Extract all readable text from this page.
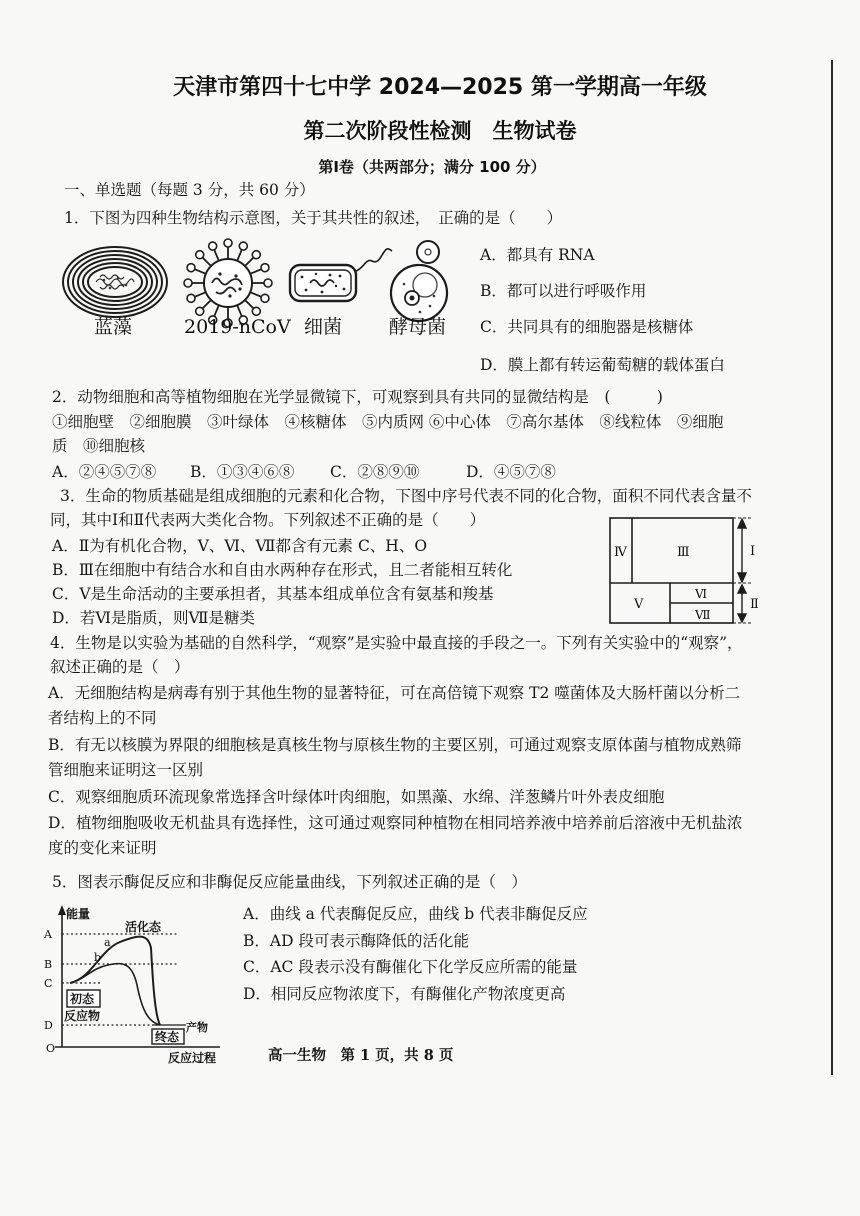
天津市第四十七中学 2024—2025 第一学期高一年级
第二次阶段性检测　生物试卷
第Ⅰ卷（共两部分；满分 100 分）
一、单选题（每题 3 分，共 60 分）
1．下图为四种生物结构示意图，关于其共性的叙述，　正确的是（　　）
蓝藻	2019-nCoV 细菌 酵母菌
A．都具有 RNA
B．都可以进行呼吸作用
C．共同具有的细胞器是核糖体
D．膜上都有转运葡萄糖的载体蛋白
2．动物细胞和高等植物细胞在光学显微镜下，可观察到具有共同的显微结构是　(　　　)
①细胞壁　②细胞膜　③叶绿体　④核糖体　⑤内质网 ⑥中心体　⑦高尔基体　⑧线粒体　⑨细胞
质　⑩细胞核
A．②④⑤⑦⑧ B．①③④⑥⑧ C．②⑧⑨⑩	D．④⑤⑦⑧
3．生命的物质基础是组成细胞的元素和化合物，下图中序号代表不同的化合物，面积不同代表含量不
同，其中Ⅰ和Ⅱ代表两大类化合物。下列叙述不正确的是（　　）
A．Ⅱ为有机化合物，Ⅴ、Ⅵ、Ⅶ都含有元素 C、H、O
B．Ⅲ在细胞中有结合水和自由水两种存在形式，且二者能相互转化
C．Ⅴ是生命活动的主要承担者，其基本组成单位含有氨基和羧基
D．若Ⅵ是脂质，则Ⅶ是糖类
Ⅳ	Ⅲ
Ⅴ
Ⅵ
Ⅶ
Ⅰ
Ⅱ
4．生物是以实验为基础的自然科学，“观察”是实验中最直接的手段之一。下列有关实验中的“观察”，
叙述正确的是（　）
A．无细胞结构是病毒有别于其他生物的显著特征，可在高倍镜下观察 T2 噬菌体及大肠杆菌以分析二
者结构上的不同
B．有无以核膜为界限的细胞核是真核生物与原核生物的主要区别，可通过观察支原体菌与植物成熟筛
管细胞来证明这一区别
C．观察细胞质环流现象常选择含叶绿体叶肉细胞，如黑藻、水绵、洋葱鳞片叶外表皮细胞
D．植物细胞吸收无机盐具有选择性，这可通过观察同种植物在相同培养液中培养前后溶液中无机盐浓
度的变化来证明
5．图表示酶促反应和非酶促反应能量曲线，下列叙述正确的是（　）
能量
反应过程
活化态
a
b
A
B
C
D
O
初态
反应物
终态
产物
A．曲线 a 代表酶促反应，曲线 b 代表非酶促反应
B．AD 段可表示酶降低的活化能
C．AC 段表示没有酶催化下化学反应所需的能量
D．相同反应物浓度下，有酶催化产物浓度更高
高一生物　第 1 页，共 8 页
